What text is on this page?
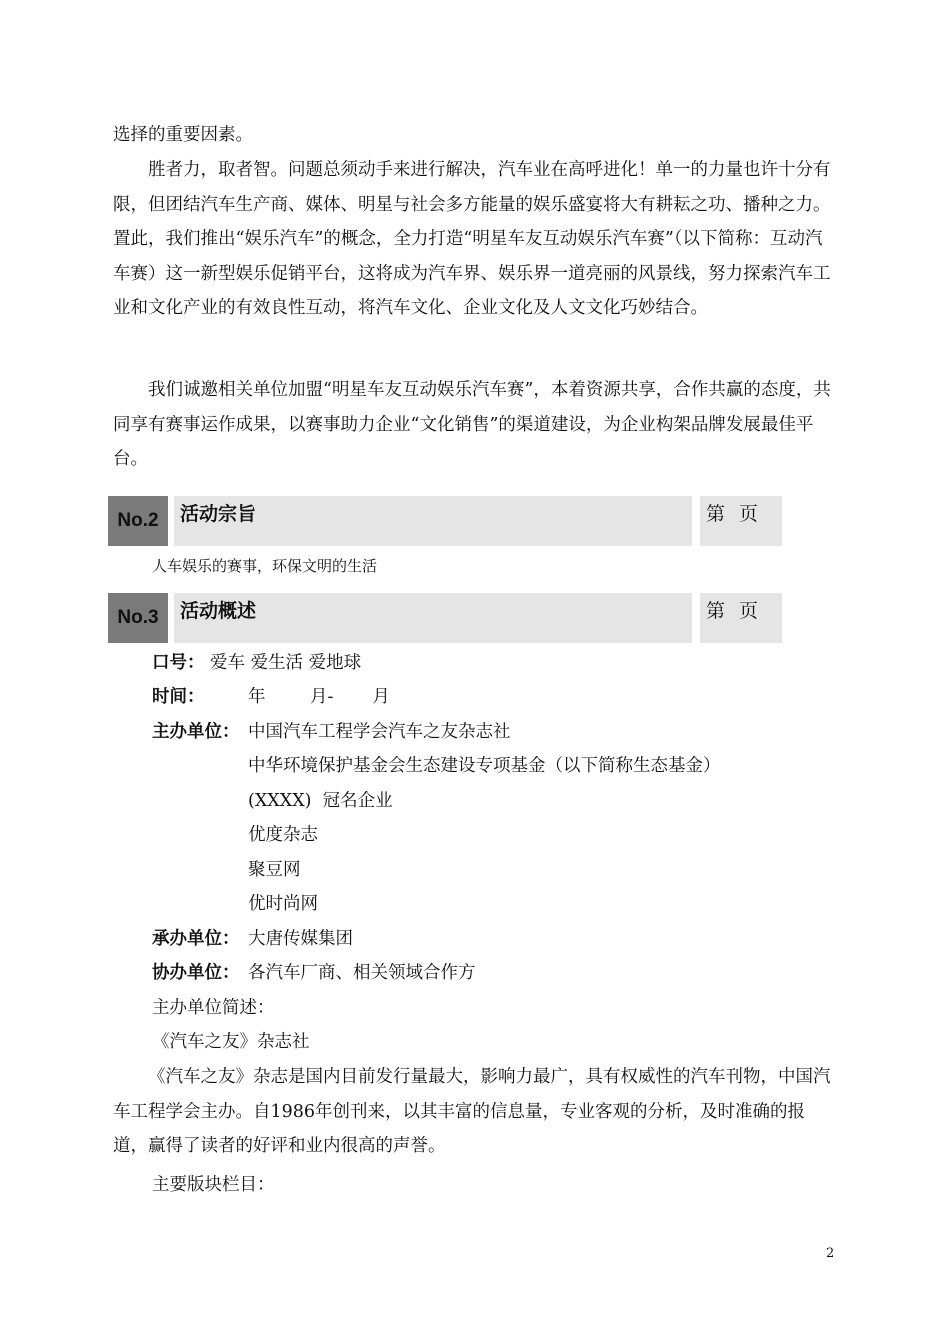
选择的重要因素。

胜者力，取者智。问题总须动手来进行解决，汽车业在高呼进化！单一的力量也许十分有限，但团结汽车生产商、媒体、明星与社会多方能量的娱乐盛宴将大有耕耘之功、播种之力。置此，我们推出“娱乐汽车”的概念，全力打造“明星车友互动娱乐汽车赛”（以下简称：互动汽车赛）这一新型娱乐促销平台，这将成为汽车界、娱乐界一道亮丽的风景线，努力探索汽车工业和文化产业的有效良性互动，将汽车文化、企业文化及人文文化巧妙结合。

我们诚邀相关单位加盟“明星车友互动娱乐汽车赛”，本着资源共享，合作共赢的态度，共同享有赛事运作成果，以赛事助力企业“文化销售”的渠道建设，为企业构架品牌发展最佳平台。

No.2	活动宗旨	第页
人车娱乐的赛事，环保文明的生活
No.3	活动概述	第页
口号： 爱车 爱生活 爱地球
时间： 年        月-       月
主办单位： 中国汽车工程学会汽车之友杂志社
中华环境保护基金会生态建设专项基金（以下简称生态基金）
(XXXX)  冠名企业
优度杂志
聚豆网
优时尚网
承办单位： 大唐传媒集团
协办单位： 各汽车厂商、相关领域合作方
主办单位简述：
《汽车之友》杂志社

《汽车之友》杂志是国内目前发行量最大，影响力最广，具有权威性的汽车刊物，中国汽车工程学会主办。自1986年创刊来，以其丰富的信息量，专业客观的分析，及时准确的报道，赢得了读者的好评和业内很高的声誉。

主要版块栏目：
2
